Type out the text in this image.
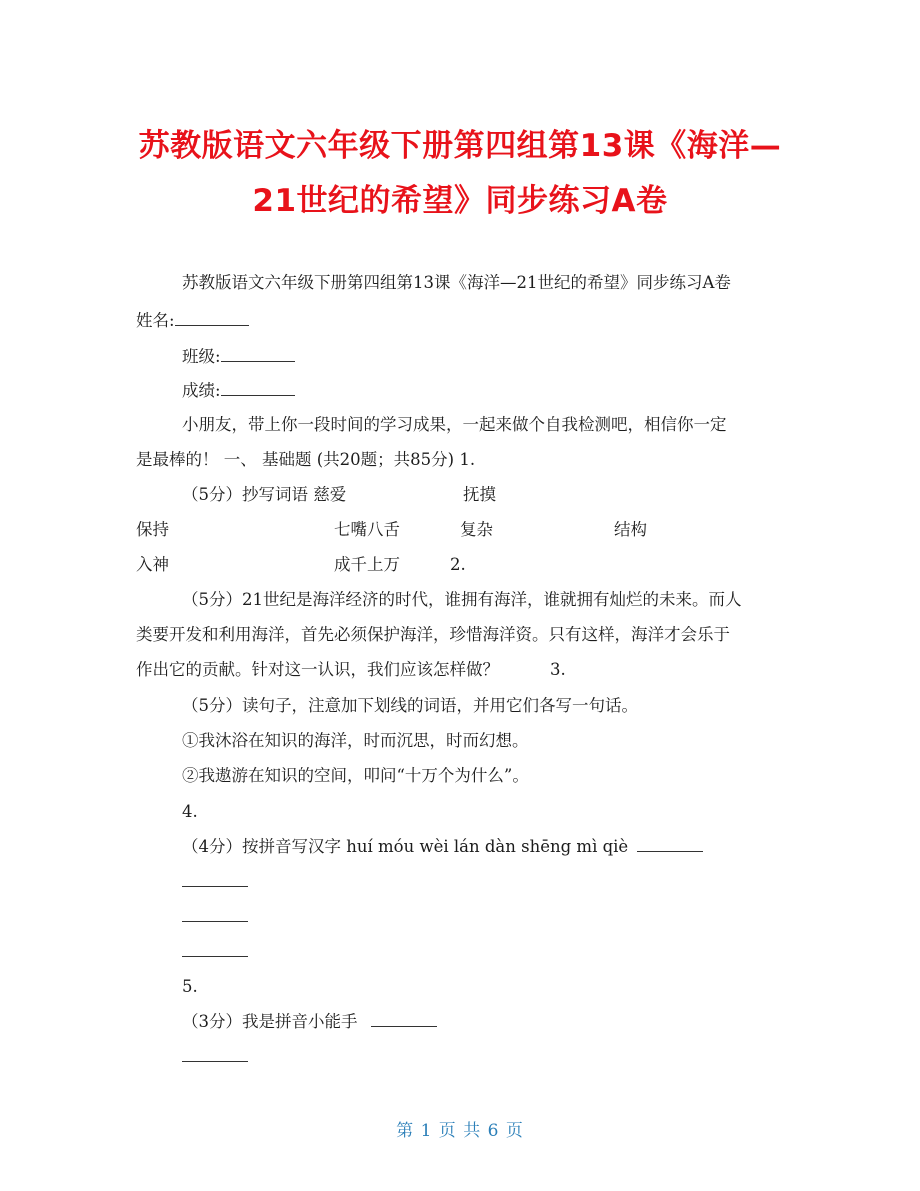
苏教版语文六年级下册第四组第13课《海洋—
21世纪的希望》同步练习A卷
苏教版语文六年级下册第四组第13课《海洋—21世纪的希望》同步练习A卷
姓名:
班级:
成绩:
小朋友，带上你一段时间的学习成果，一起来做个自我检测吧，相信你一定
是最棒的！ 一、 基础题 (共20题；共85分) 1.
（5分）抄写词语 慈爱	抚摸
保持	七嘴八舌	复杂	结构
入神	成千上万	2.
（5分）21世纪是海洋经济的时代，谁拥有海洋，谁就拥有灿烂的未来。而人
类要开发和利用海洋，首先必须保护海洋，珍惜海洋资。只有这样，海洋才会乐于
作出它的贡献。针对这一认识，我们应该怎样做？	3.
（5分）读句子，注意加下划线的词语，并用它们各写一句话。
①我沐浴在知识的海洋，时而沉思，时而幻想。
②我遨游在知识的空间，叩问“十万个为什么”。
4.
（4分）按拼音写汉字 huí móu wèi lán dàn shēng mì qiè
5.
（3分）我是拼音小能手
第 1 页 共 6 页
